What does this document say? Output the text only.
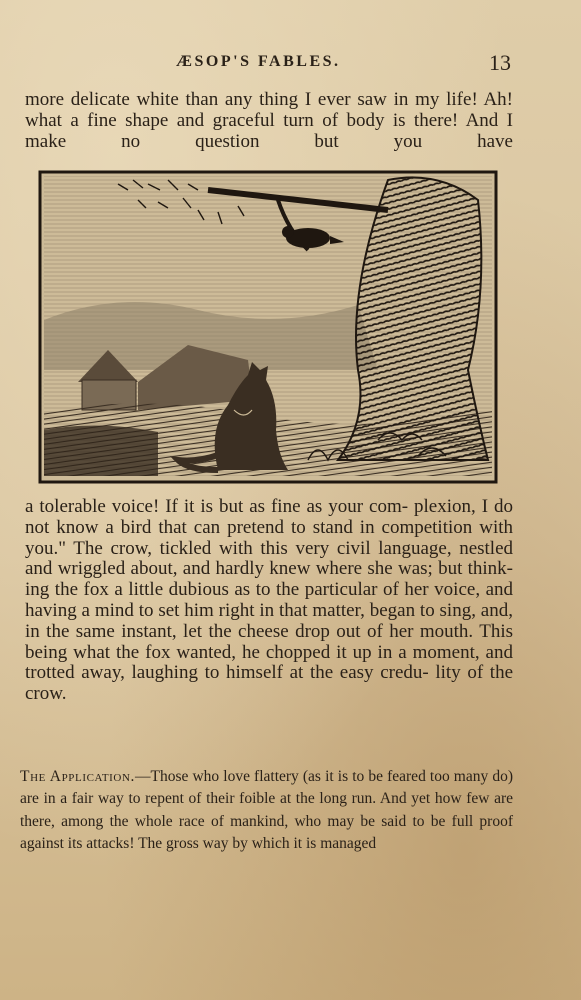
ÆSOP'S FABLES.	13

more delicate white than any thing I ever saw in my life! Ah! what a fine shape and graceful turn of body is there! And I make no question but you have

a tolerable voice! If it is but as fine as your com- plexion, I do not know a bird that can pretend to stand in competition with you." The crow, tickled with this very civil language, nestled and wriggled about, and hardly knew where she was; but think- ing the fox a little dubious as to the particular of her voice, and having a mind to set him right in that matter, began to sing, and, in the same instant, let the cheese drop out of her mouth. This being what the fox wanted, he chopped it up in a moment, and trotted away, laughing to himself at the easy credu- lity of the crow.

The Application.—Those who love flattery (as it is to be feared too many do) are in a fair way to repent of their foible at the long run. And yet how few are there, among the whole race of mankind, who may be said to be full proof against its attacks! The gross way by which it is managed
